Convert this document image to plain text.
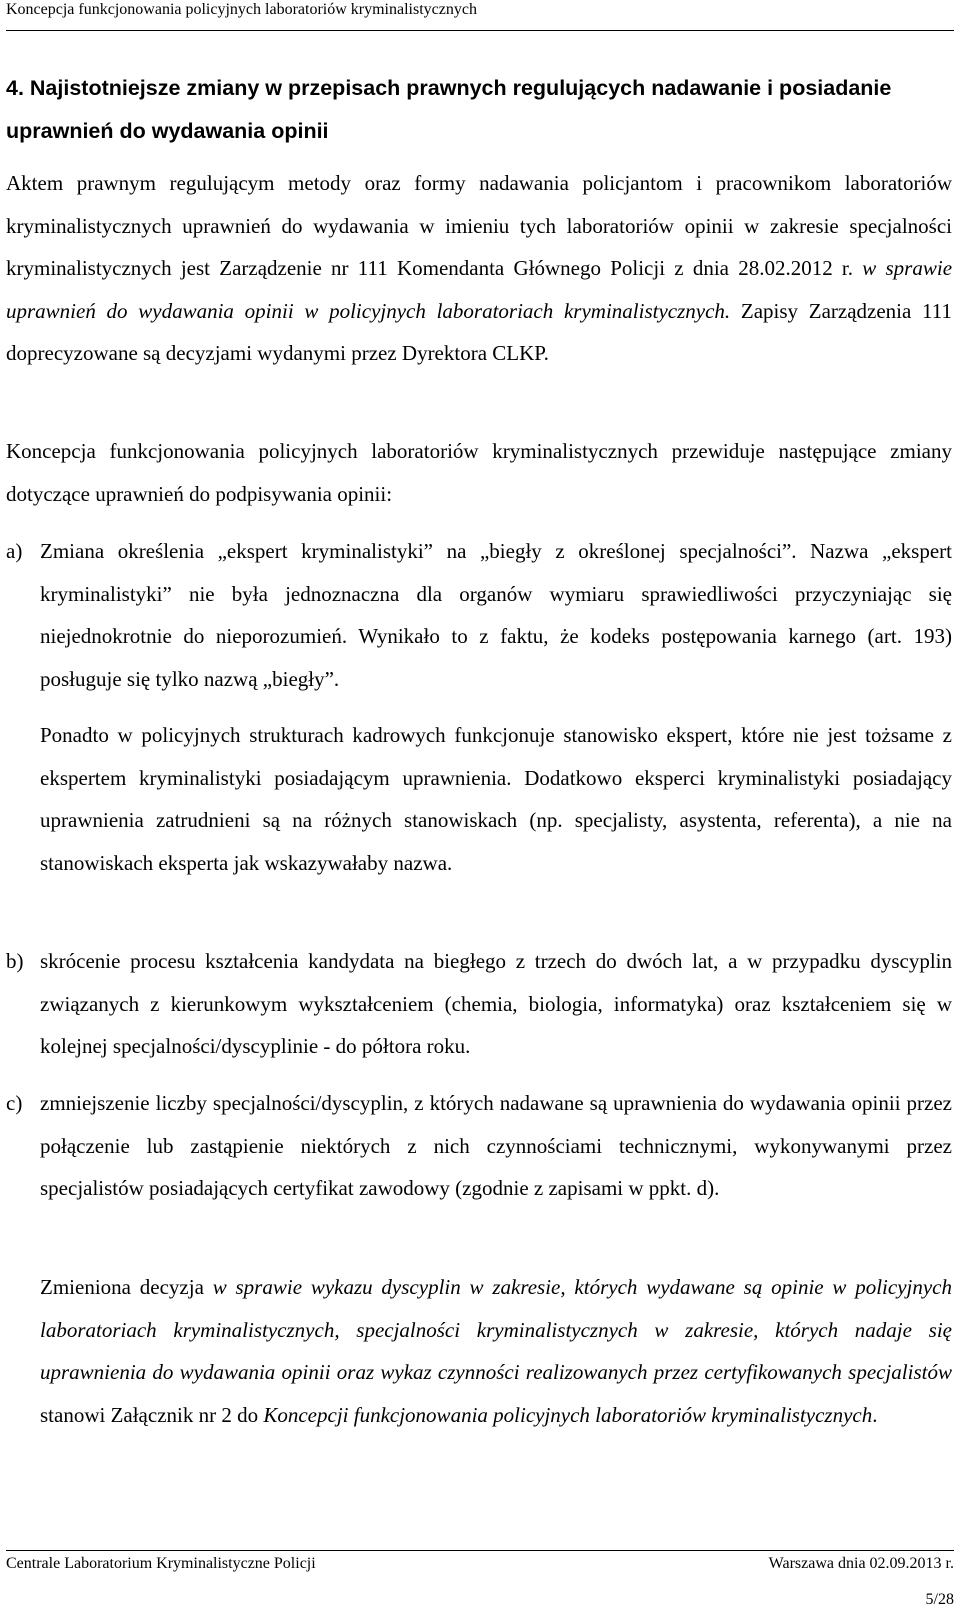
Koncepcja funkcjonowania policyjnych laboratoriów kryminalistycznych
4. Najistotniejsze zmiany w przepisach prawnych regulujących nadawanie i posiadanie uprawnień do wydawania opinii
Aktem prawnym regulującym metody oraz formy nadawania policjantom i pracownikom laboratoriów kryminalistycznych uprawnień do wydawania w imieniu tych laboratoriów opinii w zakresie specjalności kryminalistycznych jest Zarządzenie nr 111 Komendanta Głównego Policji z dnia 28.02.2012 r. w sprawie uprawnień do wydawania opinii w policyjnych laboratoriach kryminalistycznych. Zapisy Zarządzenia 111 doprecyzowane są decyzjami wydanymi przez Dyrektora CLKP.
Koncepcja funkcjonowania policyjnych laboratoriów kryminalistycznych przewiduje następujące zmiany dotyczące uprawnień do podpisywania opinii:
a) Zmiana określenia „ekspert kryminalistyki” na „biegły z określonej specjalności”. Nazwa „ekspert kryminalistyki” nie była jednoznaczna dla organów wymiaru sprawiedliwości przyczyniając się niejednokrotnie do nieporozumień. Wynikało to z faktu, że kodeks postępowania karnego (art. 193) posługuje się tylko nazwą „biegły”.
Ponadto w policyjnych strukturach kadrowych funkcjonuje stanowisko ekspert, które nie jest tożsame z ekspertem kryminalistyki posiadającym uprawnienia. Dodatkowo eksperci kryminalistyki posiadający uprawnienia zatrudnieni są na różnych stanowiskach (np. specjalisty, asystenta, referenta), a nie na stanowiskach eksperta jak wskazywałaby nazwa.
b) skrócenie procesu kształcenia kandydata na biegłego z trzech do dwóch lat, a w przypadku dyscyplin związanych z kierunkowym wykształceniem (chemia, biologia, informatyka) oraz kształceniem się w kolejnej specjalności/dyscyplinie - do półtora roku.
c) zmniejszenie liczby specjalności/dyscyplin, z których nadawane są uprawnienia do wydawania opinii przez połączenie lub zastąpienie niektórych z nich czynnościami technicznymi, wykonywanymi przez specjalistów posiadających certyfikat zawodowy (zgodnie z zapisami w ppkt. d).
Zmieniona decyzja w sprawie wykazu dyscyplin w zakresie, których wydawane są opinie w policyjnych laboratoriach kryminalistycznych, specjalności kryminalistycznych w zakresie, których nadaje się uprawnienia do wydawania opinii oraz wykaz czynności realizowanych przez certyfikowanych specjalistów stanowi Załącznik nr 2 do Koncepcji funkcjonowania policyjnych laboratoriów kryminalistycznych.
Centrale Laboratorium Kryminalistyczne Policji	Warszawa dnia 02.09.2013 r.
5/28
